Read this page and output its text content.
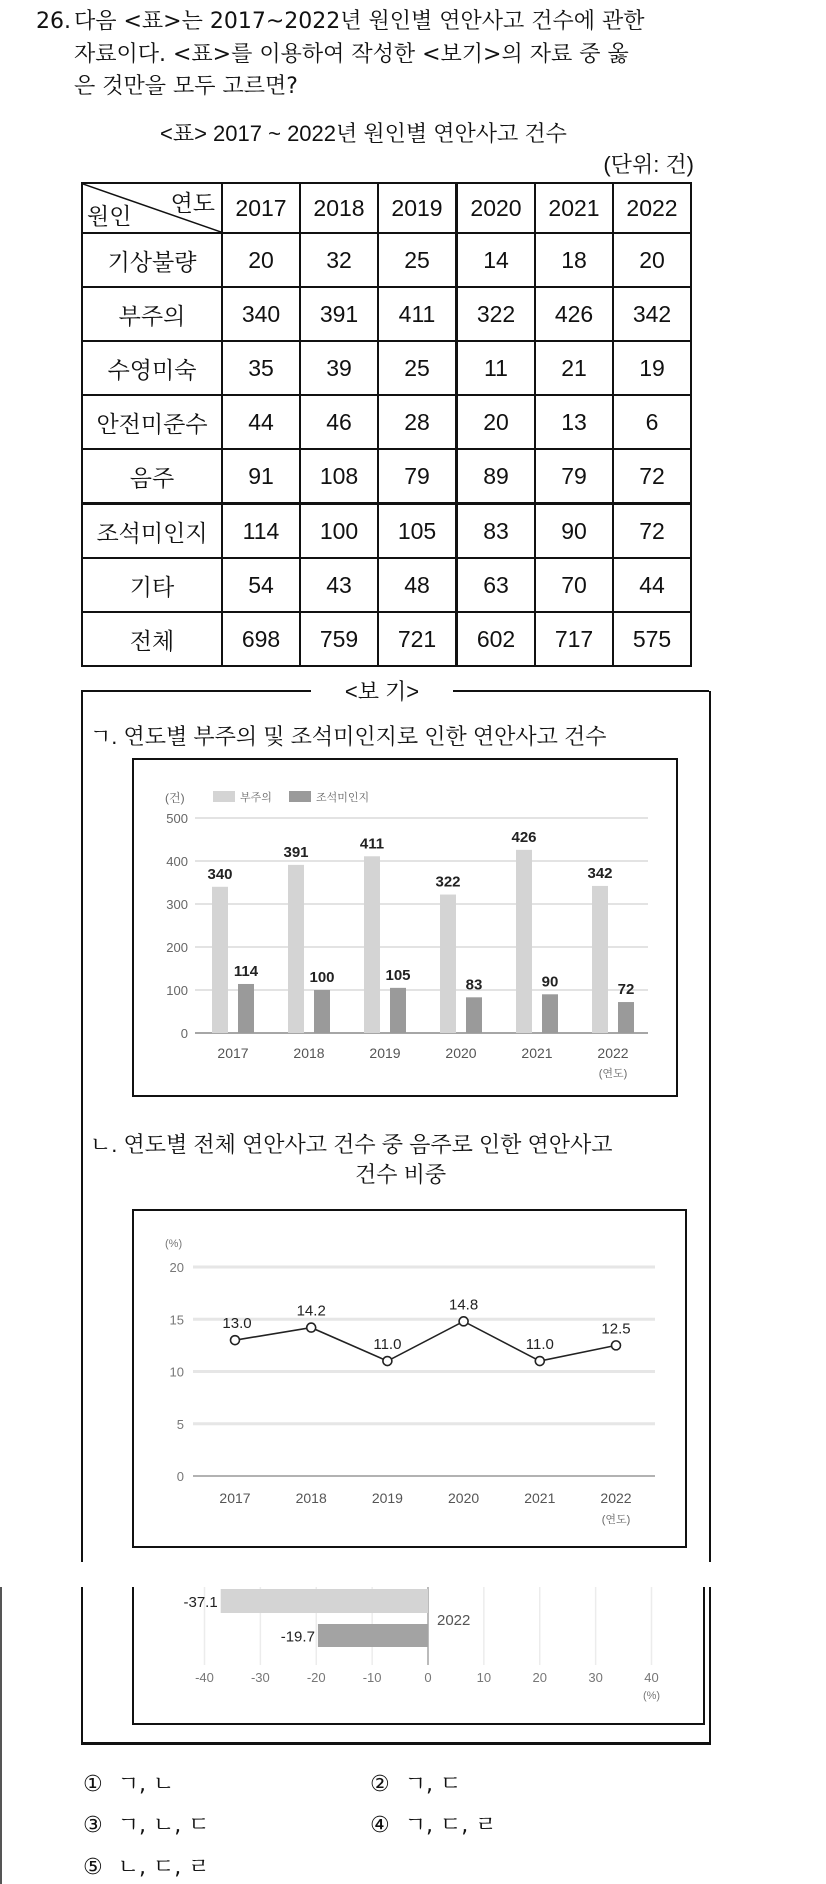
26. 다음 <표>는 2017~2022년 원인별 연안사고 건수에 관한
자료이다. <표>를 이용하여 작성한 <보기>의 자료 중 옳
은 것만을 모두 고르면?
<표> 2017 ~ 2022년 원인별 연안사고 건수
(단위: 건)
연도
원인	2017	2018	2019	2020	2021	2022
기상불량	20	32	25	14	18	20
부주의	340	391	411	322	426	342
수영미숙	35	39	25	11	21	19
안전미준수	44	46	28	20	13	6
음주	91	108	79	89	79	72
조석미인지	114	100	105	83	90	72
기타	54	43	48	63	70	44
전체	698	759	721	602	717	575
<보 기>
ㄱ. 연도별 부주의 및 조석미인지로 인한 연안사고 건수
0
100
200
300
400
500
(건)	부주의	조석미인지
340
114
2017
391
100
2018
411
105
2019
322
83
2020
426
90
2021
342
72
2022
(연도)
ㄴ. 연도별 전체 연안사고 건수 중 음주로 인한 연안사고
건수 비중
0
5
10
15
20
(%)
13.0
2017
14.2
2018
11.0
2019
14.8
2020
11.0
2021
12.5
2022
(연도)
-40	-30	-20	-10	0	10	20	30	40
(%)
-37.1
-19.7
2022
① ㄱ, ㄴ	② ㄱ, ㄷ
③ ㄱ, ㄴ, ㄷ	④ ㄱ, ㄷ, ㄹ
⑤ ㄴ, ㄷ, ㄹ
